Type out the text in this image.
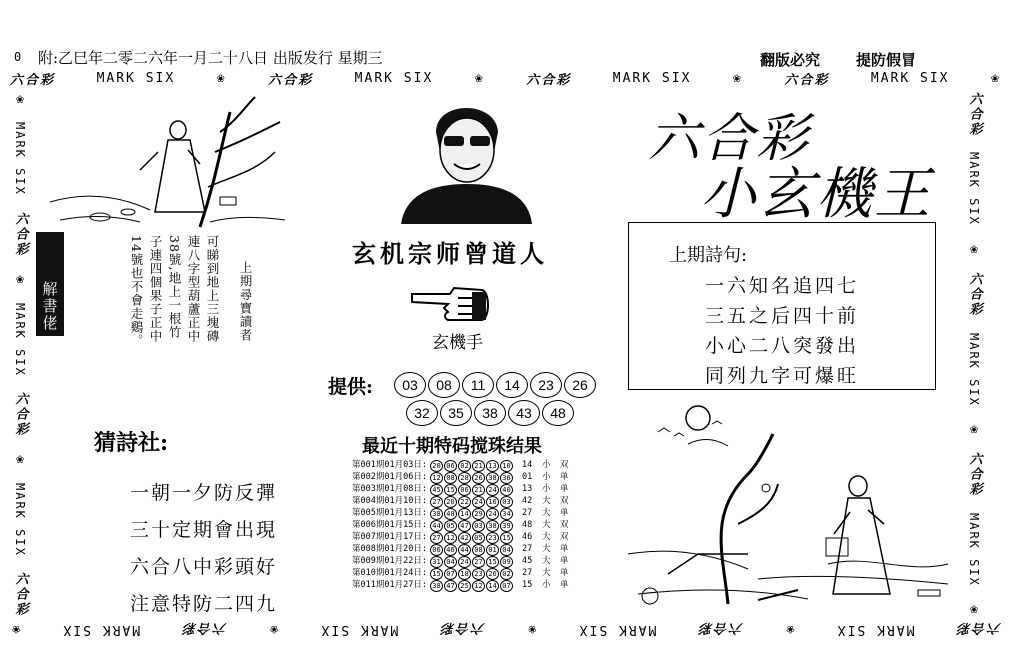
0 附:乙巳年二零二六年一月二十八日 出版发行 星期三	翻版必究 提防假冒
六合彩	MARK SIX	❀	六合彩	MARK SIX	❀	六合彩	MARK SIX	❀	六合彩	MARK SIX	❀
六合彩
MARK SIX
❀
六合彩
MARK SIX
❀
六合彩
MARK SIX
❀
六合彩
MARK SIX
❀
❀
MARK SIX
六合彩
❀
MARK SIX
六合彩
❀
MARK SIX
六合彩
六合彩
MARK SIX
❀
六合彩
MARK SIX
❀
六合彩
MARK SIX
❀
解書佬	上期尋寶讀者
可睇到地上三塊磚
連八字型葫蘆正中
38號,地上一根竹
子連四個果子正中
14號也不會走鷄。	玄机宗师曾道人
玄機手
提供:	03	08	11	14	23	26
32	35	38	43	48
最近十期特码搅珠结果
第001期01月03日: 20 06 02 21 13 10 14	小	双
第002期01月06日: 12 08 28 26 38 36 01	小	单
第003期01月08日: 45 15 06 21 24 40 13	小	单
第004期01月10日: 27 20 22 24 16 03 42	大	双
第005期01月13日: 38 48 14 29 24 34 27	大	单
第006期01月15日: 44 05 47 03 38 39 48	大	双
第007期01月17日: 27 12 42 05 23 15 46	大	双
第008期01月20日: 06 46 44 08 01 04 27	大	单
第009期01月22日: 31 04 24 27 15 09 45	大	单
第010期01月24日: 15 07 18 23 26 02 27	大	单
第011期01月27日: 38 47 25 12 14 07 15	小	单
六合彩
小玄機王
上期詩句:
一六知名追四七
三五之后四十前
小心二八突發出
同列九字可爆旺
猜詩社:
一朝一夕防反彈
三十定期會出現
六合八中彩頭好
注意特防二四九
